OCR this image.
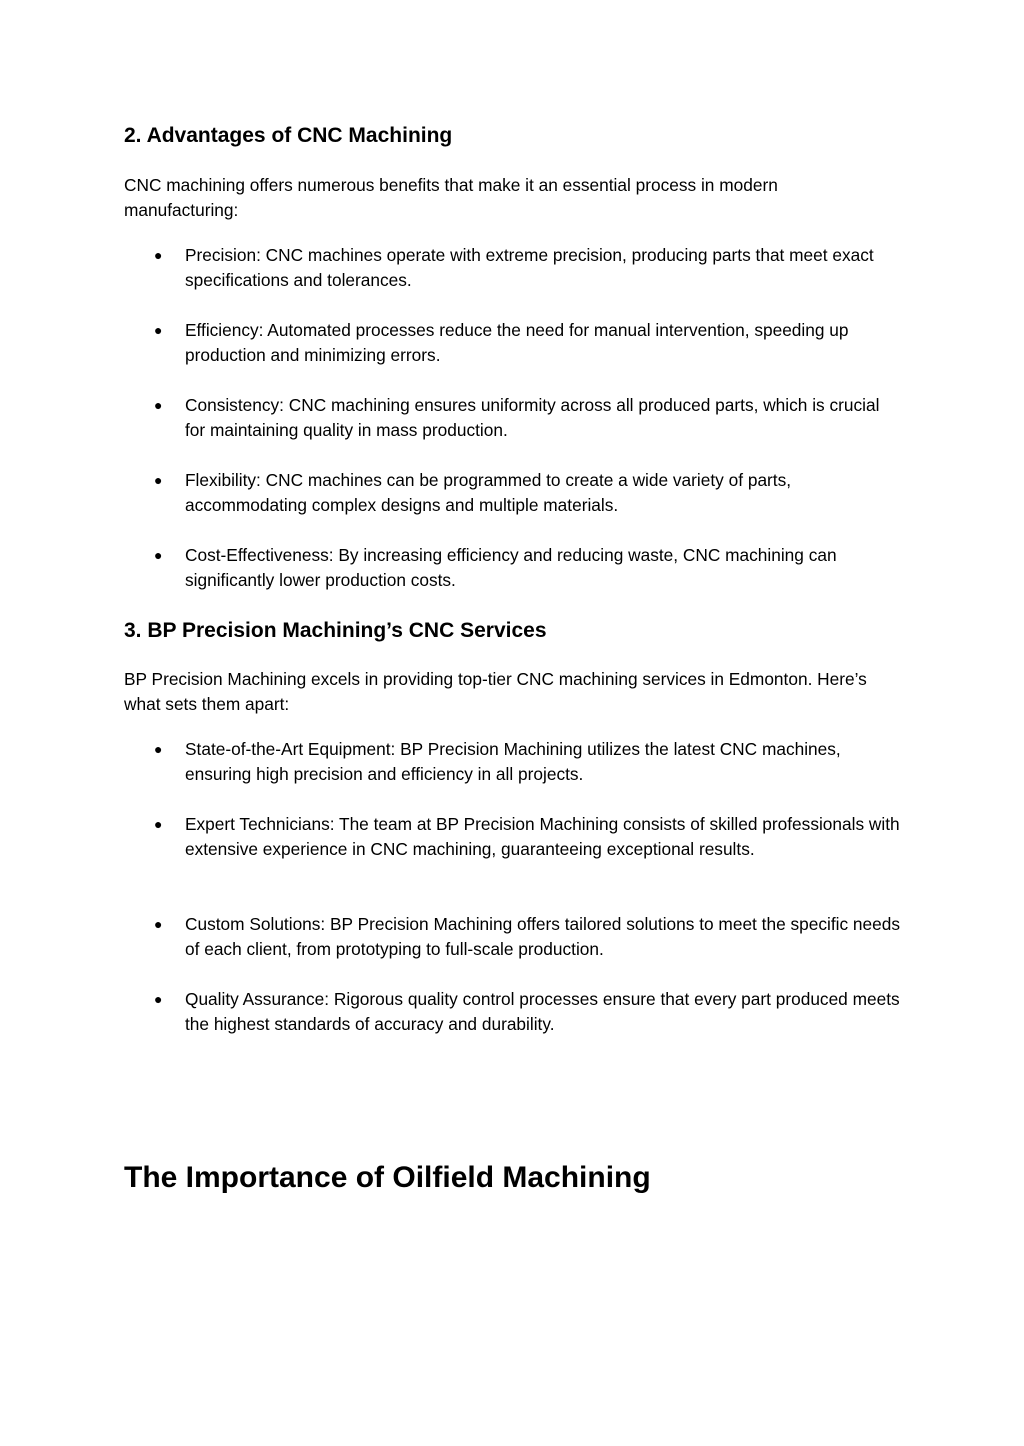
2. Advantages of CNC Machining

CNC machining offers numerous benefits that make it an essential process in modern manufacturing:

● Precision: CNC machines operate with extreme precision, producing parts that meet exact specifications and tolerances.

● Efficiency: Automated processes reduce the need for manual intervention, speeding up production and minimizing errors.

● Consistency: CNC machining ensures uniformity across all produced parts, which is crucial for maintaining quality in mass production.

● Flexibility: CNC machines can be programmed to create a wide variety of parts, accommodating complex designs and multiple materials.

● Cost-Effectiveness: By increasing efficiency and reducing waste, CNC machining can significantly lower production costs.

3. BP Precision Machining’s CNC Services

BP Precision Machining excels in providing top-tier CNC machining services in Edmonton. Here’s what sets them apart:

● State-of-the-Art Equipment: BP Precision Machining utilizes the latest CNC machines, ensuring high precision and efficiency in all projects.

● Expert Technicians: The team at BP Precision Machining consists of skilled professionals with extensive experience in CNC machining, guaranteeing exceptional results.

● Custom Solutions: BP Precision Machining offers tailored solutions to meet the specific needs of each client, from prototyping to full-scale production.

● Quality Assurance: Rigorous quality control processes ensure that every part produced meets the highest standards of accuracy and durability.

The Importance of Oilfield Machining
